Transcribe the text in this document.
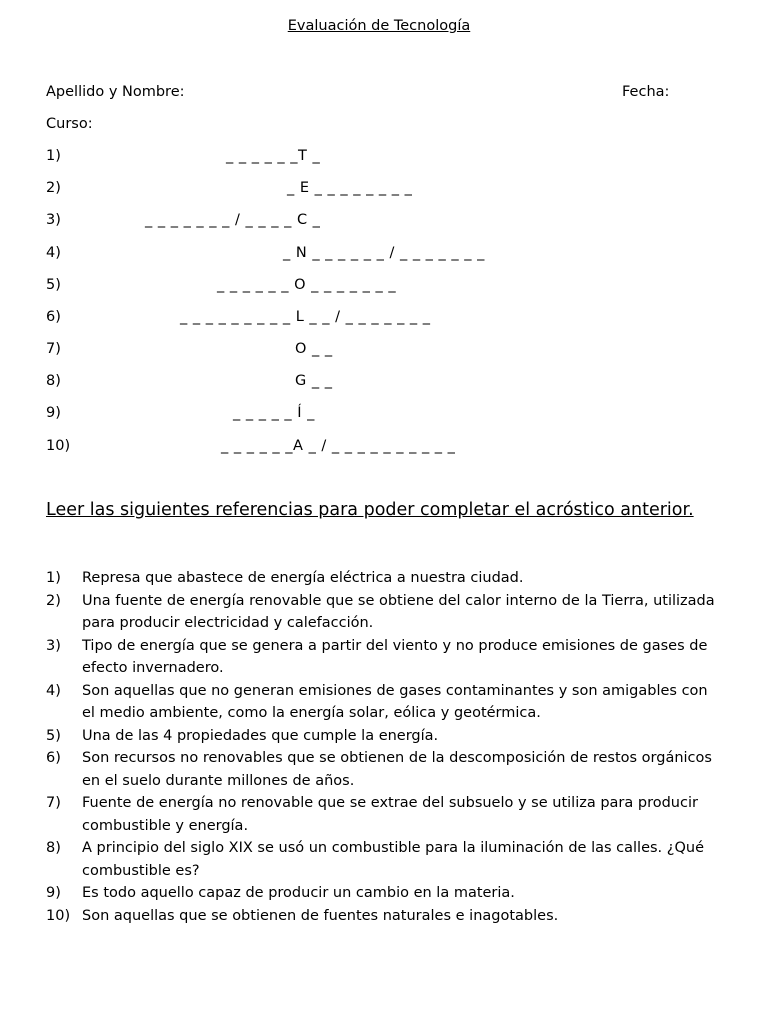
Evaluación de Tecnología
Apellido y Nombre:	Fecha:
Curso:
1)	_ _ _ _ _ _T _
2)	_ E _ _ _ _ _ _ _ _
3)	_ _ _ _ _ _ _ / _ _ _ _ C _
4)	_ N _ _ _ _ _ _ / _ _ _ _ _ _ _
5)	_ _ _ _ _ _ O _ _ _ _ _ _ _
6)	_ _ _ _ _ _ _ _ _ L _ _ / _ _ _ _ _ _ _
7)	O _ _
8)	G _ _
9)	_ _ _ _ _ Í _
10)	_ _ _ _ _ _A _ / _ _ _ _ _ _ _ _ _ _
Leer las siguientes referencias para poder completar el acróstico anterior.
1)	Represa que abastece de energía eléctrica a nuestra ciudad.
2)	Una fuente de energía renovable que se obtiene del calor interno de la Tierra, utilizada para producir electricidad y calefacción.
3)	Tipo de energía que se genera a partir del viento y no produce emisiones de gases de efecto invernadero.
4)	Son aquellas que no generan emisiones de gases contaminantes y son amigables con el medio ambiente, como la energía solar, eólica y geotérmica.
5)	Una de las 4 propiedades que cumple la energía.
6)	Son recursos no renovables que se obtienen de la descomposición de restos orgánicos en el suelo durante millones de años.
7)	Fuente de energía no renovable que se extrae del subsuelo y se utiliza para producir combustible y energía.
8)	A principio del siglo XIX se usó un combustible para la iluminación de las calles. ¿Qué combustible es?
9)	Es todo aquello capaz de producir un cambio en la materia.
10) Son aquellas que se obtienen de fuentes naturales e inagotables.
